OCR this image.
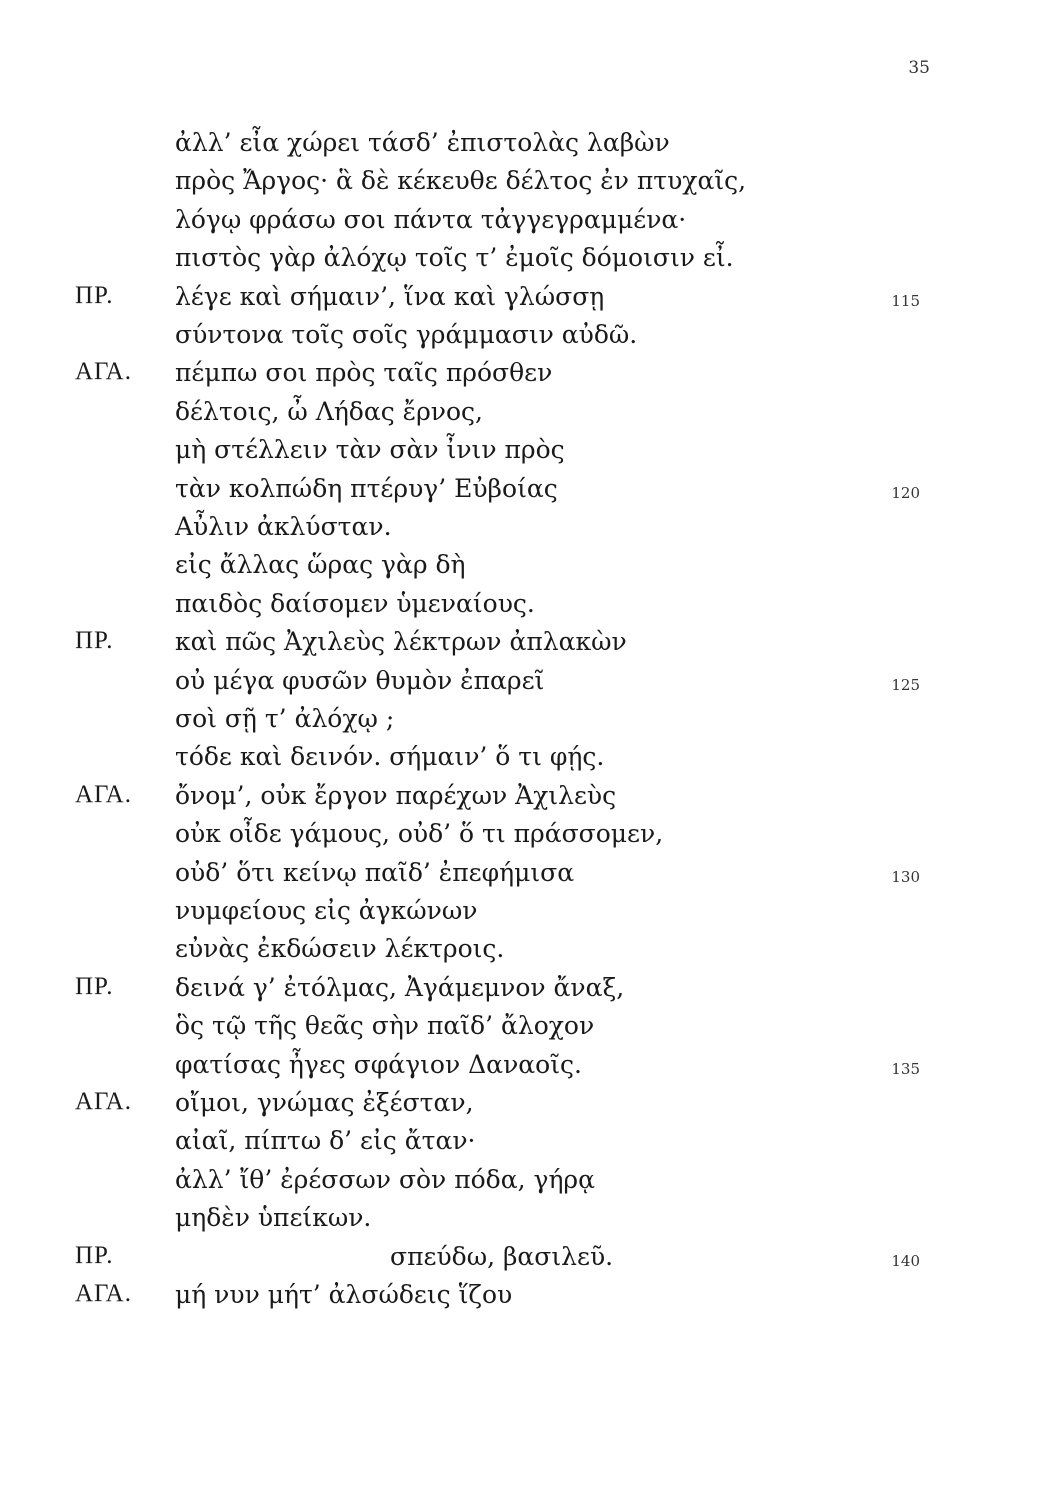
35
ἀλλ’ εἶα χώρει τάσδ’ ἐπιστολὰς λαβὼν
πρὸς Ἄργος· ἃ δὲ κέκευθε δέλτος ἐν πτυχαῖς,
λόγῳ φράσω σοι πάντα τἀγγεγραμμένα·
πιστὸς γὰρ ἀλόχῳ τοῖς τ’ ἐμοῖς δόμοισιν εἶ.
ΠΡ. λέγε καὶ σήμαιν’, ἵνα καὶ γλώσσῃ	115
σύντονα τοῖς σοῖς γράμμασιν αὐδῶ.
ΑΓΑ. πέμπω σοι πρὸς ταῖς πρόσθεν
δέλτοις, ὦ Λήδας ἔρνος,
μὴ στέλλειν τὰν σὰν ἶνιν πρὸς
τὰν κολπώδη πτέρυγ’ Εὐβοίας	120
Αὖλιν ἀκλύσταν.
εἰς ἄλλας ὥρας γὰρ δὴ
παιδὸς δαίσομεν ὑμεναίους.
ΠΡ. καὶ πῶς Ἀχιλεὺς λέκτρων ἀπλακὼν
οὐ μέγα φυσῶν θυμὸν ἐπαρεῖ	125
σοὶ σῇ τ’ ἀλόχῳ ;
τόδε καὶ δεινόν. σήμαιν’ ὅ τι φῄς.
ΑΓΑ. ὄνομ’, οὐκ ἔργον παρέχων Ἀχιλεὺς
οὐκ οἶδε γάμους, οὐδ’ ὅ τι πράσσομεν,
οὐδ’ ὅτι κείνῳ παῖδ’ ἐπεφήμισα	130
νυμφείους εἰς ἀγκώνων
εὐνὰς ἐκδώσειν λέκτροις.
ΠΡ. δεινά γ’ ἐτόλμας, Ἀγάμεμνον ἄναξ,
ὃς τῷ τῆς θεᾶς σὴν παῖδ’ ἄλοχον
φατίσας ἦγες σφάγιον Δαναοῖς.	135
ΑΓΑ. οἴμοι, γνώμας ἐξέσταν,
αἰαῖ, πίπτω δ’ εἰς ἄταν·
ἀλλ’ ἴθ’ ἐρέσσων σὸν πόδα, γήρᾳ
μηδὲν ὑπείκων.
ΠΡ.	σπεύδω, βασιλεῦ.	140
ΑΓΑ. μή νυν μήτ’ ἀλσώδεις ἵζου
